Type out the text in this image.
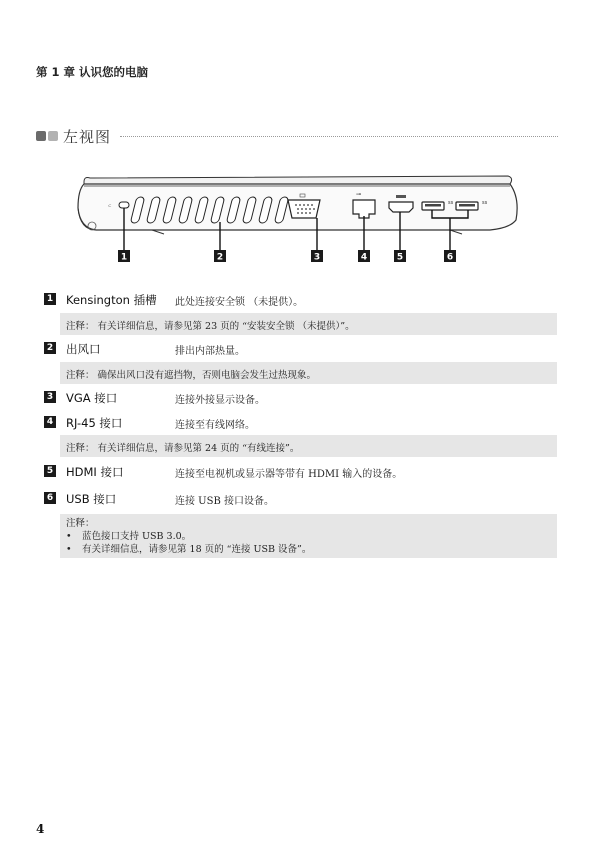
第 1 章 认识您的电脑
左视图
⊂
⊸
ss	ss
1	2	3	4	5	6
1 Kensington 插槽 此处连接安全锁 （未提供）。
注释： 有关详细信息，请参见第 23 页的 “安装安全锁 （未提供）”。
2 出风口	排出内部热量。
注释： 确保出风口没有遮挡物，否则电脑会发生过热现象。
3 VGA 接口	连接外接显示设备。
4 RJ-45 接口	连接至有线网络。
注释： 有关详细信息，请参见第 24 页的 “有线连接”。
5 HDMI 接口	连接至电视机或显示器等带有 HDMI 输入的设备。
6 USB 接口	连接 USB 接口设备。
注释：
• 蓝色接口支持 USB 3.0。
• 有关详细信息，请参见第 18 页的 “连接 USB 设备”。
4
